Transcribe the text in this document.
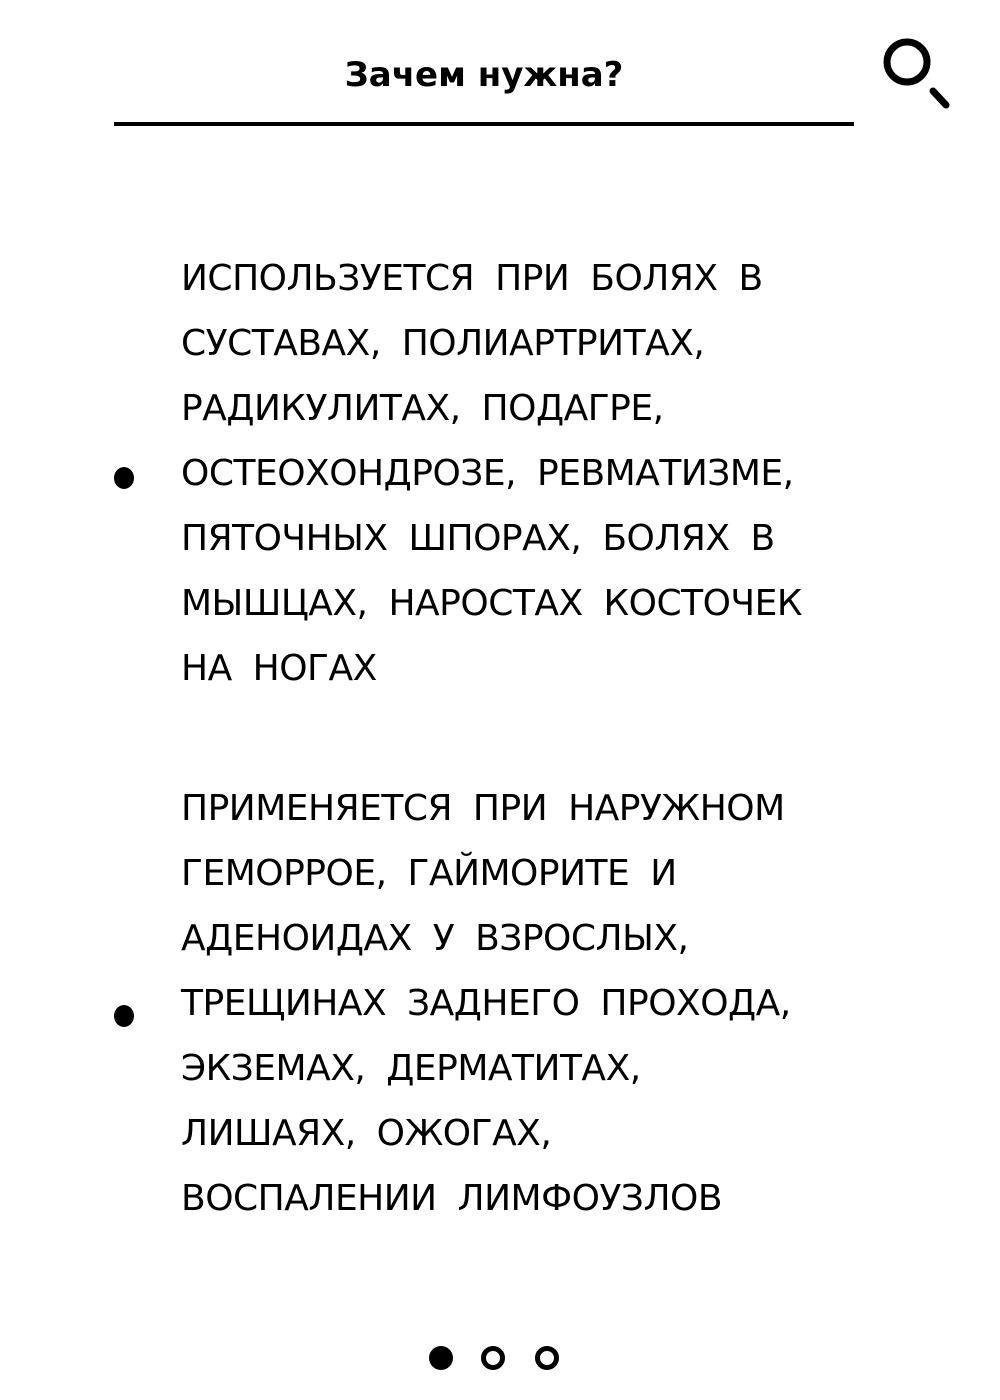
Зачем нужна?
ИСПОЛЬЗУЕТСЯ ПРИ БОЛЯХ В
СУСТАВАХ, ПОЛИАРТРИТАХ,
РАДИКУЛИТАХ, ПОДАГРЕ,
ОСТЕОХОНДРОЗЕ, РЕВМАТИЗМЕ,
ПЯТОЧНЫХ ШПОРАХ, БОЛЯХ В
МЫШЦАХ, НАРОСТАХ КОСТОЧЕК
НА НОГАХ
ПРИМЕНЯЕТСЯ ПРИ НАРУЖНОМ
ГЕМОРРОЕ, ГАЙМОРИТЕ И
АДЕНОИДАХ У ВЗРОСЛЫХ,
ТРЕЩИНАХ ЗАДНЕГО ПРОХОДА,
ЭКЗЕМАХ, ДЕРМАТИТАХ,
ЛИШАЯХ, ОЖОГАХ,
ВОСПАЛЕНИИ ЛИМФОУЗЛОВ
